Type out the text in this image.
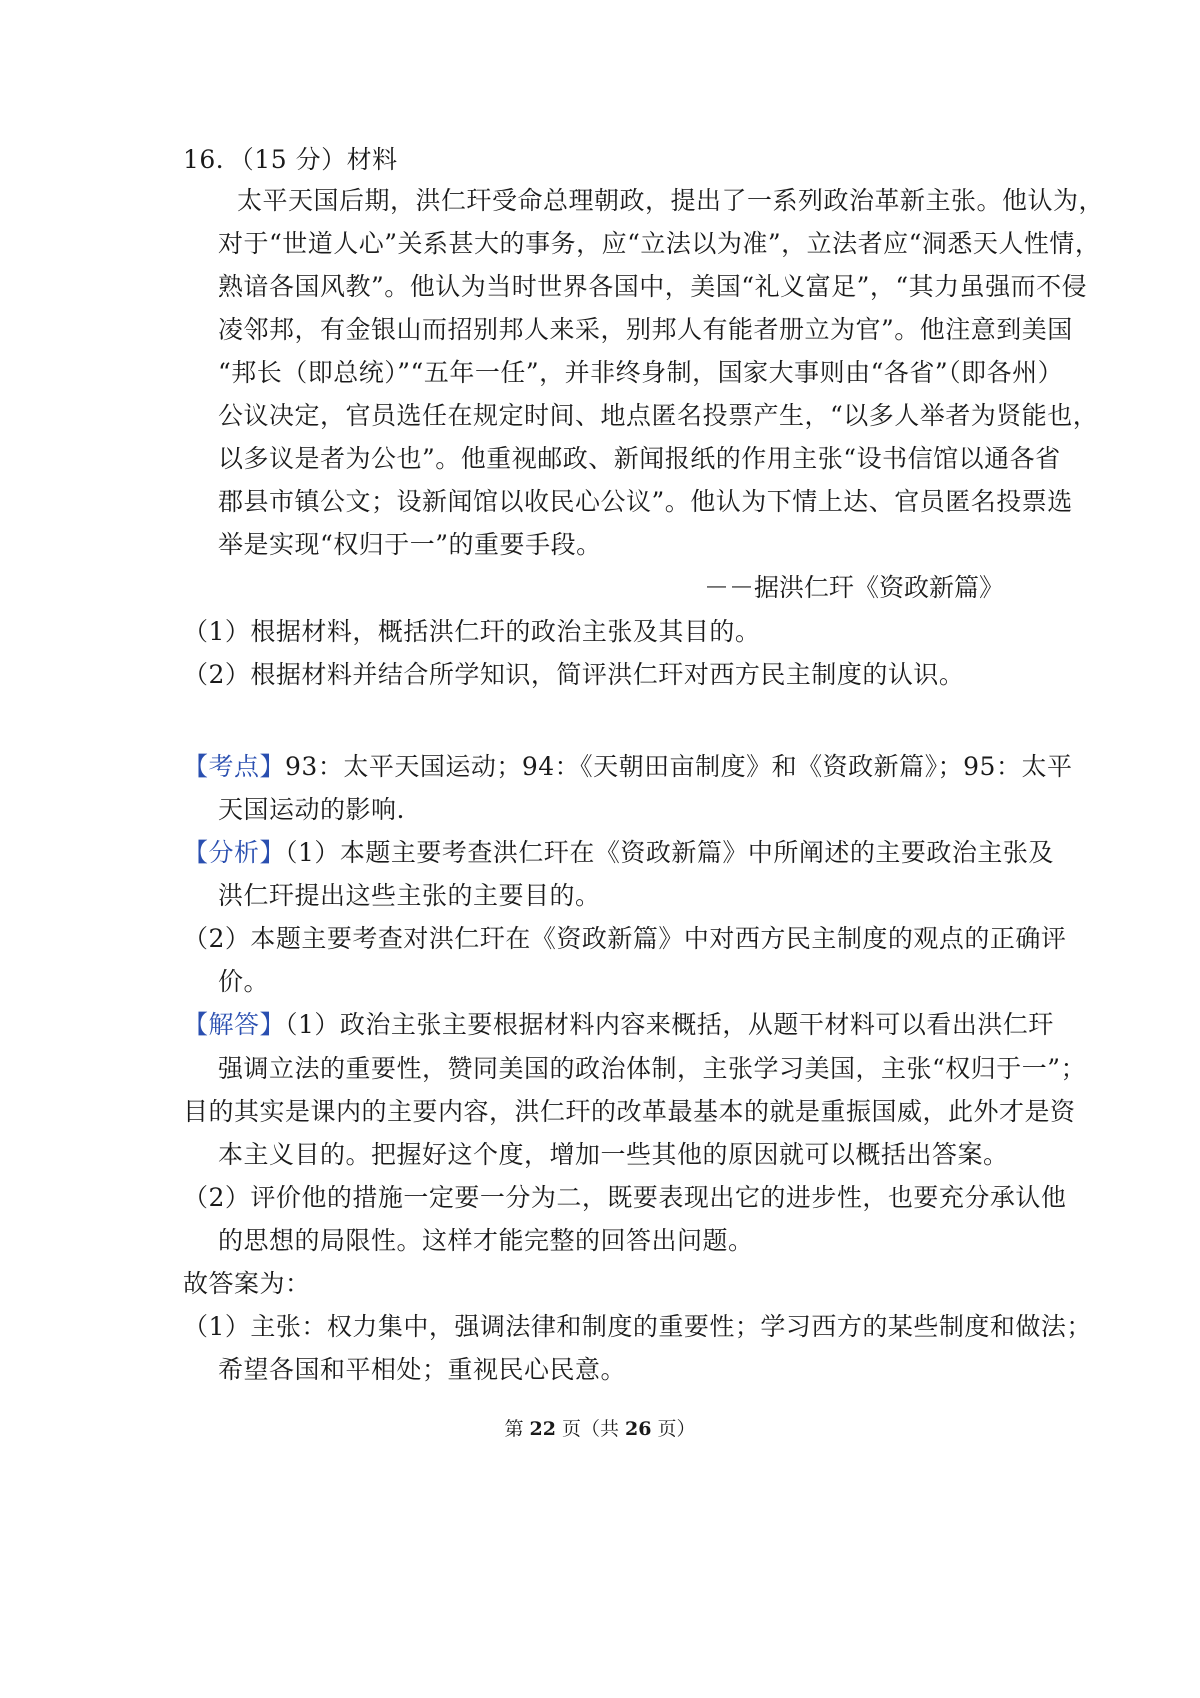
16．（15 分）材料
太平天国后期，洪仁玕受命总理朝政，提出了一系列政治革新主张。他认为，
对于“世道人心”关系甚大的事务，应“立法以为准”，立法者应“洞悉天人性情，
熟谙各国风教”。他认为当时世界各国中，美国“礼义富足”，“其力虽强而不侵
凌邻邦，有金银山而招别邦人来采，别邦人有能者册立为官”。他注意到美国
“邦长（即总统）”“五年一任”，并非终身制，国家大事则由“各省”（即各州）
公议决定，官员选任在规定时间、地点匿名投票产生，“以多人举者为贤能也，
以多议是者为公也”。他重视邮政、新闻报纸的作用主张“设书信馆以通各省
郡县市镇公文；设新闻馆以收民心公议”。他认为下情上达、官员匿名投票选
举是实现“权归于一”的重要手段。
－－据洪仁玕《资政新篇》
（1）根据材料，概括洪仁玕的政治主张及其目的。
（2）根据材料并结合所学知识，简评洪仁玕对西方民主制度的认识。
【考点】93：太平天国运动；94：《天朝田亩制度》和《资政新篇》；95：太平
天国运动的影响.
【分析】（1）本题主要考查洪仁玕在《资政新篇》中所阐述的主要政治主张及
洪仁玕提出这些主张的主要目的。
（2）本题主要考查对洪仁玕在《资政新篇》中对西方民主制度的观点的正确评
价。
【解答】（1）政治主张主要根据材料内容来概括，从题干材料可以看出洪仁玕
强调立法的重要性，赞同美国的政治体制，主张学习美国，主张“权归于一”；
目的其实是课内的主要内容，洪仁玕的改革最基本的就是重振国威，此外才是资
本主义目的。把握好这个度，增加一些其他的原因就可以概括出答案。
（2）评价他的措施一定要一分为二，既要表现出它的进步性，也要充分承认他
的思想的局限性。这样才能完整的回答出问题。
故答案为：
（1）主张：权力集中，强调法律和制度的重要性；学习西方的某些制度和做法；
希望各国和平相处；重视民心民意。
第 22 页（共 26 页）
